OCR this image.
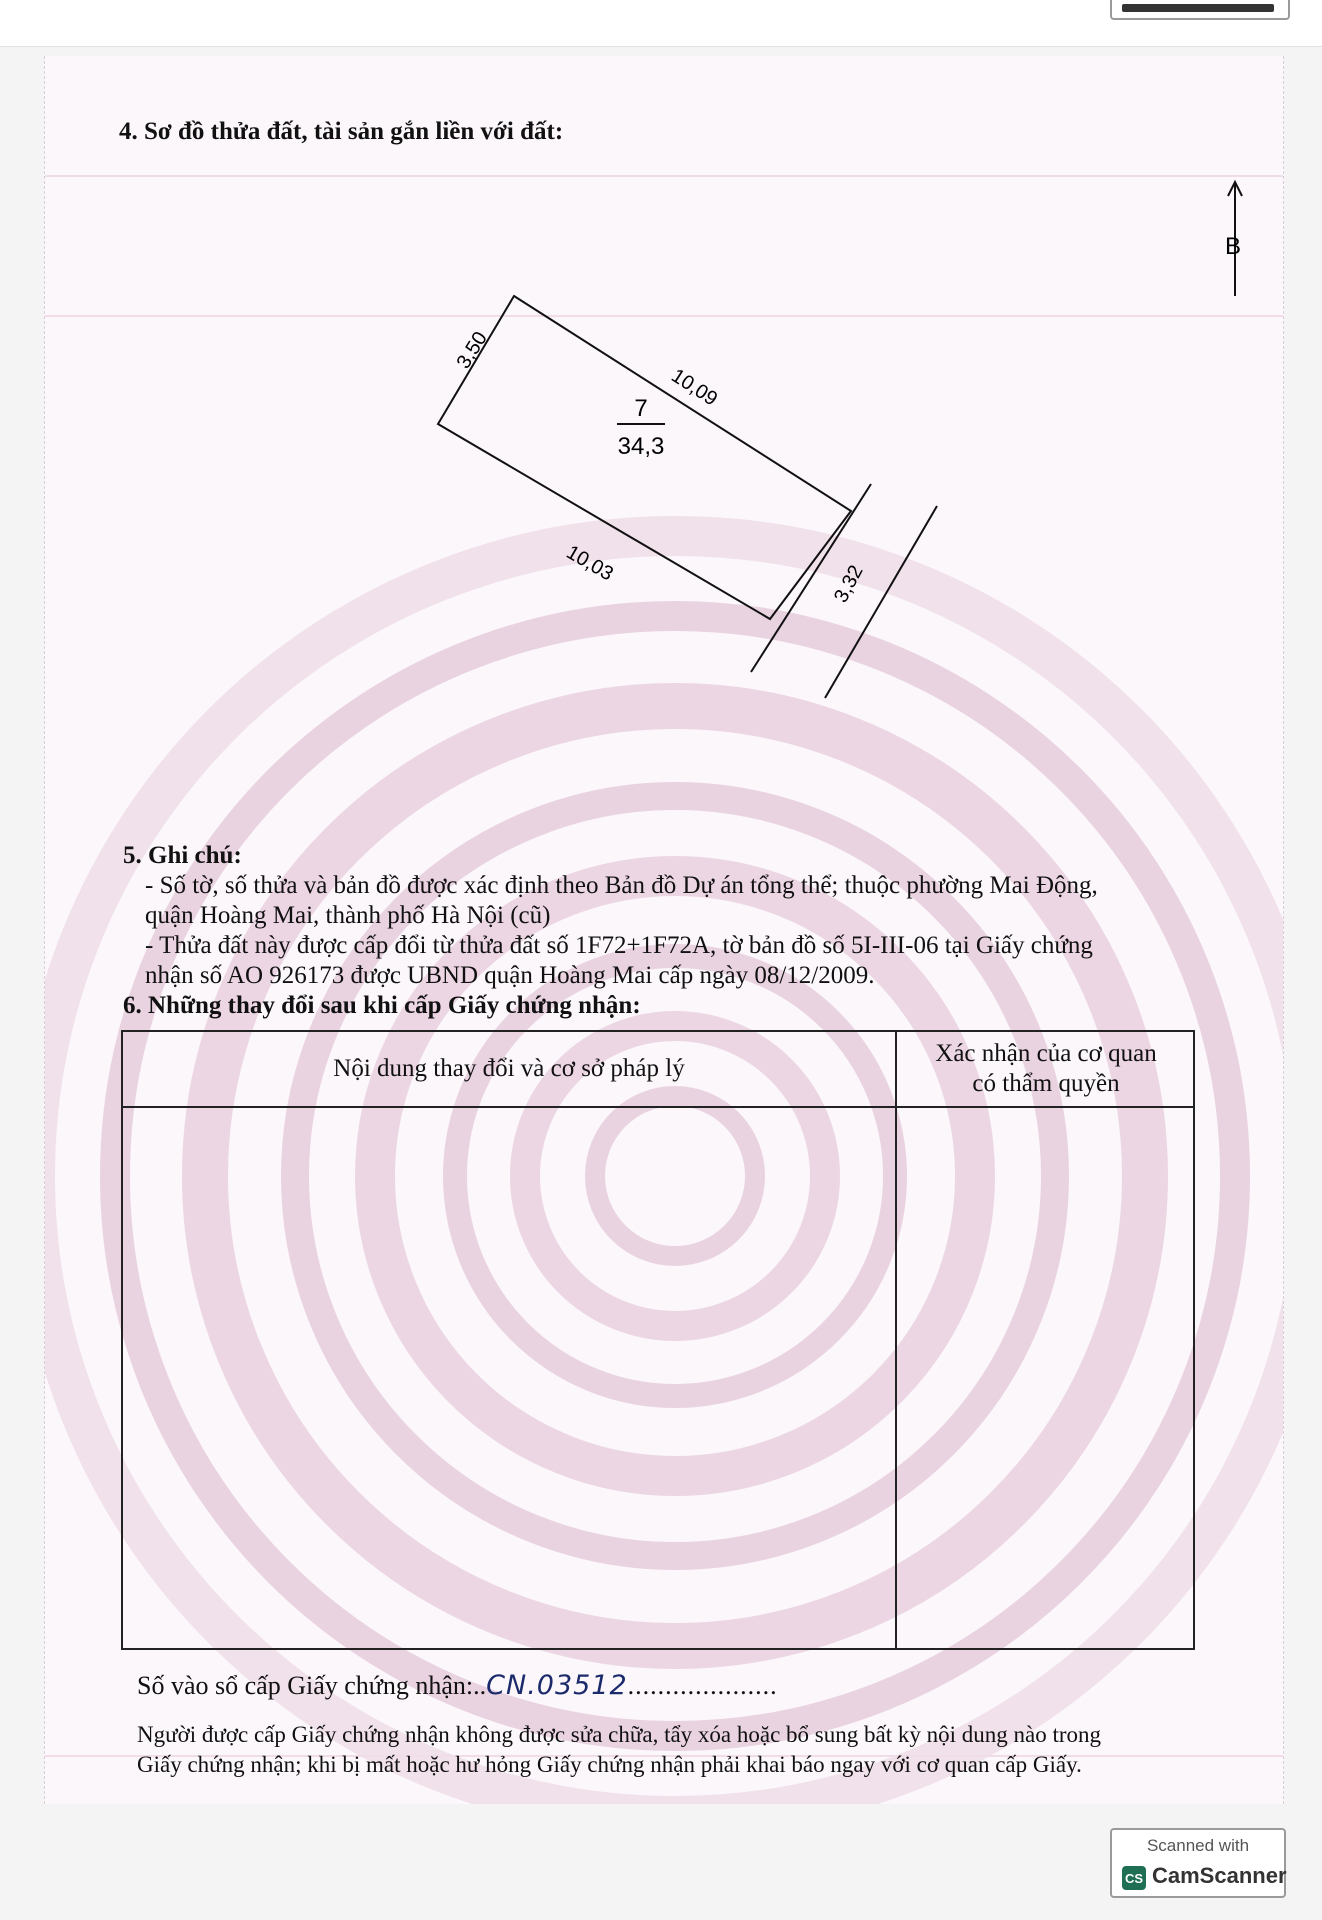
4. Sơ đồ thửa đất, tài sản gắn liền với đất:
B
7
34,3
3,50
10,09
10,03	3,32
5. Ghi chú:
- Số tờ, số thửa và bản đồ được xác định theo Bản đồ Dự án tổng thể; thuộc phường Mai Động,
quận Hoàng Mai, thành phố Hà Nội (cũ)
- Thửa đất này được cấp đổi từ thửa đất số 1F72+1F72A, tờ bản đồ số 5I-III-06 tại Giấy chứng
nhận số AO 926173 được UBND quận Hoàng Mai cấp ngày 08/12/2009.
6. Những thay đổi sau khi cấp Giấy chứng nhận:
Nội dung thay đổi và cơ sở pháp lý
Xác nhận của cơ quan
có thẩm quyền
Số vào sổ cấp Giấy chứng nhận:..CN.03512....................
Người được cấp Giấy chứng nhận không được sửa chữa, tẩy xóa hoặc bổ sung bất kỳ nội dung nào trong
Giấy chứng nhận; khi bị mất hoặc hư hỏng Giấy chứng nhận phải khai báo ngay với cơ quan cấp Giấy.
Scanned with
CS CamScanner
